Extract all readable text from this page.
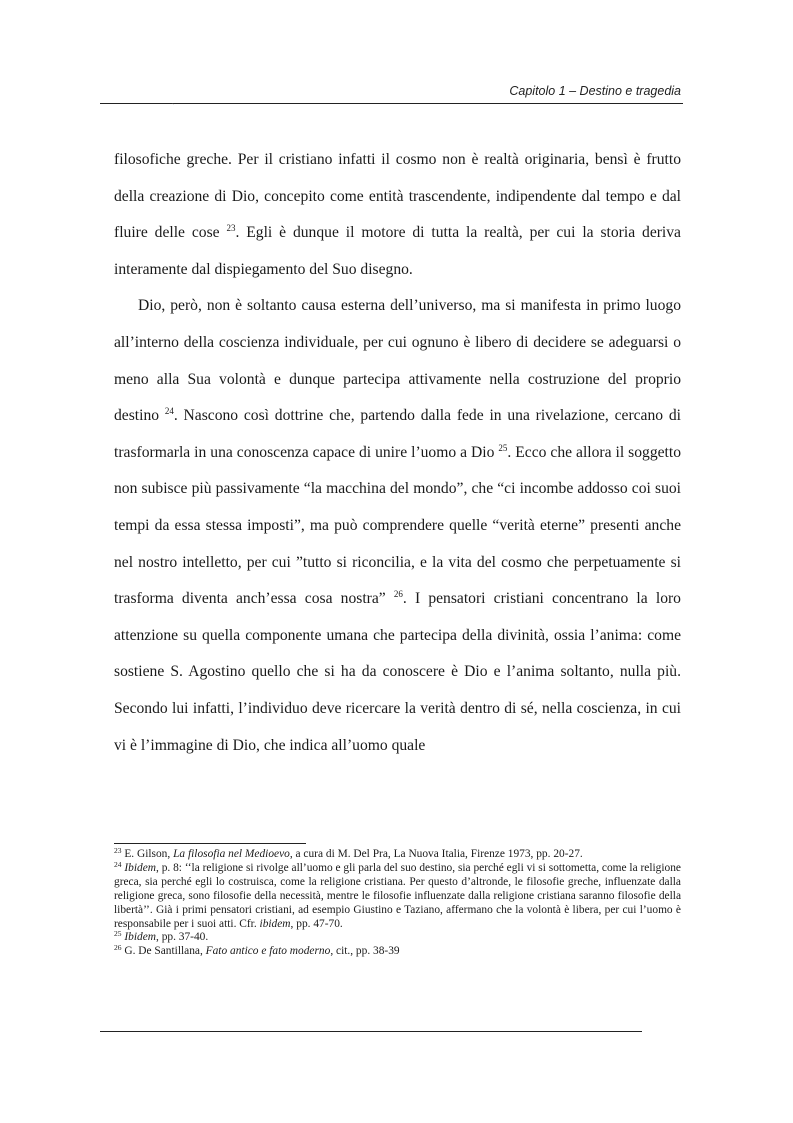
Capitolo 1 – Destino e tragedia
ˋ

filosofiche greche. Per il cristiano infatti il cosmo non è realtà originaria, bensì è frutto della creazione di Dio, concepito come entità trascendente, indipendente dal tempo e dal fluire delle cose $^{23}$. Egli è dunque il motore di tutta la realtà, per cui la storia deriva interamente dal dispiegamento del Suo disegno.

Dio, però, non è soltanto causa esterna dell’universo, ma si manifesta in primo luogo all’interno della coscienza individuale, per cui ognuno è libero di decidere se adeguarsi o meno alla Sua volontà e dunque partecipa attivamente nella costruzione del proprio destino $^{24}$. Nascono così dottrine che, partendo dalla fede in una rivelazione, cercano di trasformarla in una conoscenza capace di unire l’uomo a Dio $^{25}$. Ecco che allora il soggetto non subisce più passivamente “la macchina del mondo”, che “ci incombe addosso coi suoi tempi da essa stessa imposti”, ma può comprendere quelle “verità eterne” presenti anche nel nostro intelletto, per cui ”tutto si riconcilia, e la vita del cosmo che perpetuamente si trasforma diventa anch’essa cosa nostra” $^{26}$. I pensatori cristiani concentrano la loro attenzione su quella componente umana che partecipa della divinità, ossia l’anima: come sostiene S. Agostino quello che si ha da conoscere è Dio e l’anima soltanto, nulla più. Secondo lui infatti, l’individuo deve ricercare la verità dentro di sé, nella coscienza, in cui vi è l’immagine di Dio, che indica all’uomo quale

$^{23}$ E. Gilson, La filosofia nel Medioevo, a cura di M. Del Pra, La Nuova Italia, Firenze 1973, pp. 20-27.

$^{24}$ Ibidem, p. 8: ‘‘la religione si rivolge all’uomo e gli parla del suo destino, sia perché egli vi si sottometta, come la religione greca, sia perché egli lo costruisca, come la religione cristiana. Per questo d’altronde, le filosofie greche, influenzate dalla religione greca, sono filosofie della necessità, mentre le filosofie influenzate dalla religione cristiana saranno filosofie della libertà’’. Già i primi pensatori cristiani, ad esempio Giustino e Taziano, affermano che la volontà è libera, per cui l’uomo è responsabile per i suoi atti. Cfr. ibidem, pp. 47-70.

$^{25}$ Ibidem, pp. 37-40.

$^{26}$ G. De Santillana, Fato antico e fato moderno, cit., pp. 38-39
